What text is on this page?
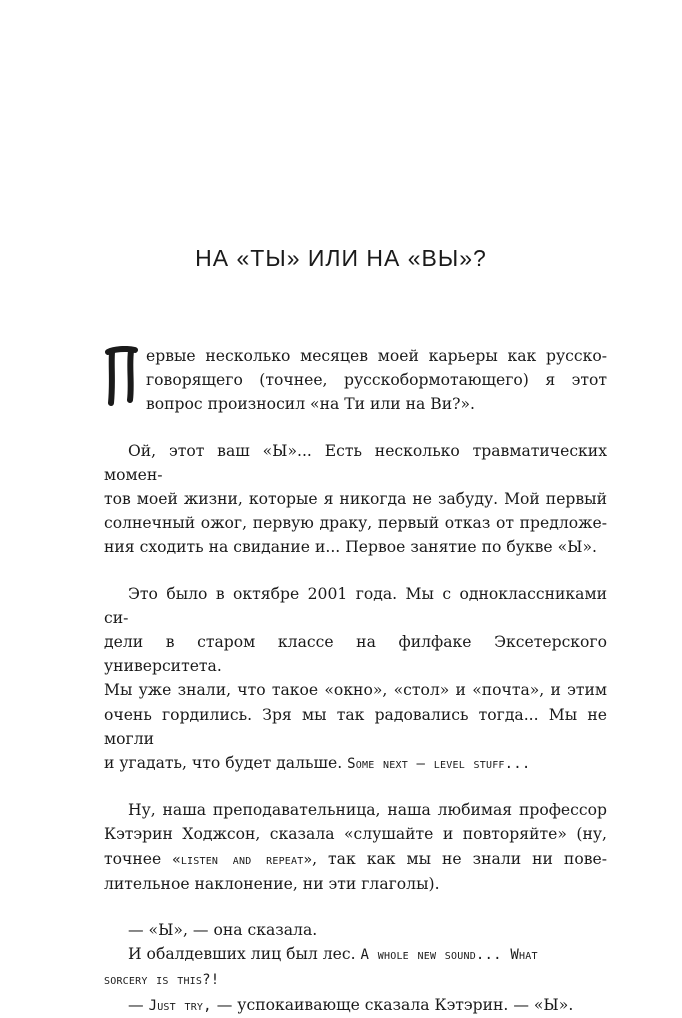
НА «ТЫ» ИЛИ НА «ВЫ»?
ервые несколько месяцев моей карьеры как русско-
говорящего (точнее, русскобормотающего) я этот
вопрос произносил «на Ти или на Ви?».
Ой, этот ваш «Ы»... Есть несколько травматических момен-
тов моей жизни, которые я никогда не забуду. Мой первый
солнечный ожог, первую драку, первый отказ от предложе-
ния сходить на свидание и... Первое занятие по букве «Ы».
Это было в октябре 2001 года. Мы с одноклассниками си-
дели в старом классе на филфаке Эксетерского университета.
Мы уже знали, что такое «окно», «стол» и «почта», и этим
очень гордились. Зря мы так радовались тогда... Мы не могли
и угадать, что будет дальше. Some next — level stuff...
Ну, наша преподавательница, наша любимая профессор
Кэтэрин Ходжсон, сказала «слушайте и повторяйте» (ну,
точнее «listen and repeat», так как мы не знали ни пове-
лительное наклонение, ни эти глаголы).
— «Ы», — она сказала.
И обалдевших лиц был лес. A whole new sound... What
sorcery is this?!
— Just try, — успокаивающе сказала Кэтэрин. — «Ы».
